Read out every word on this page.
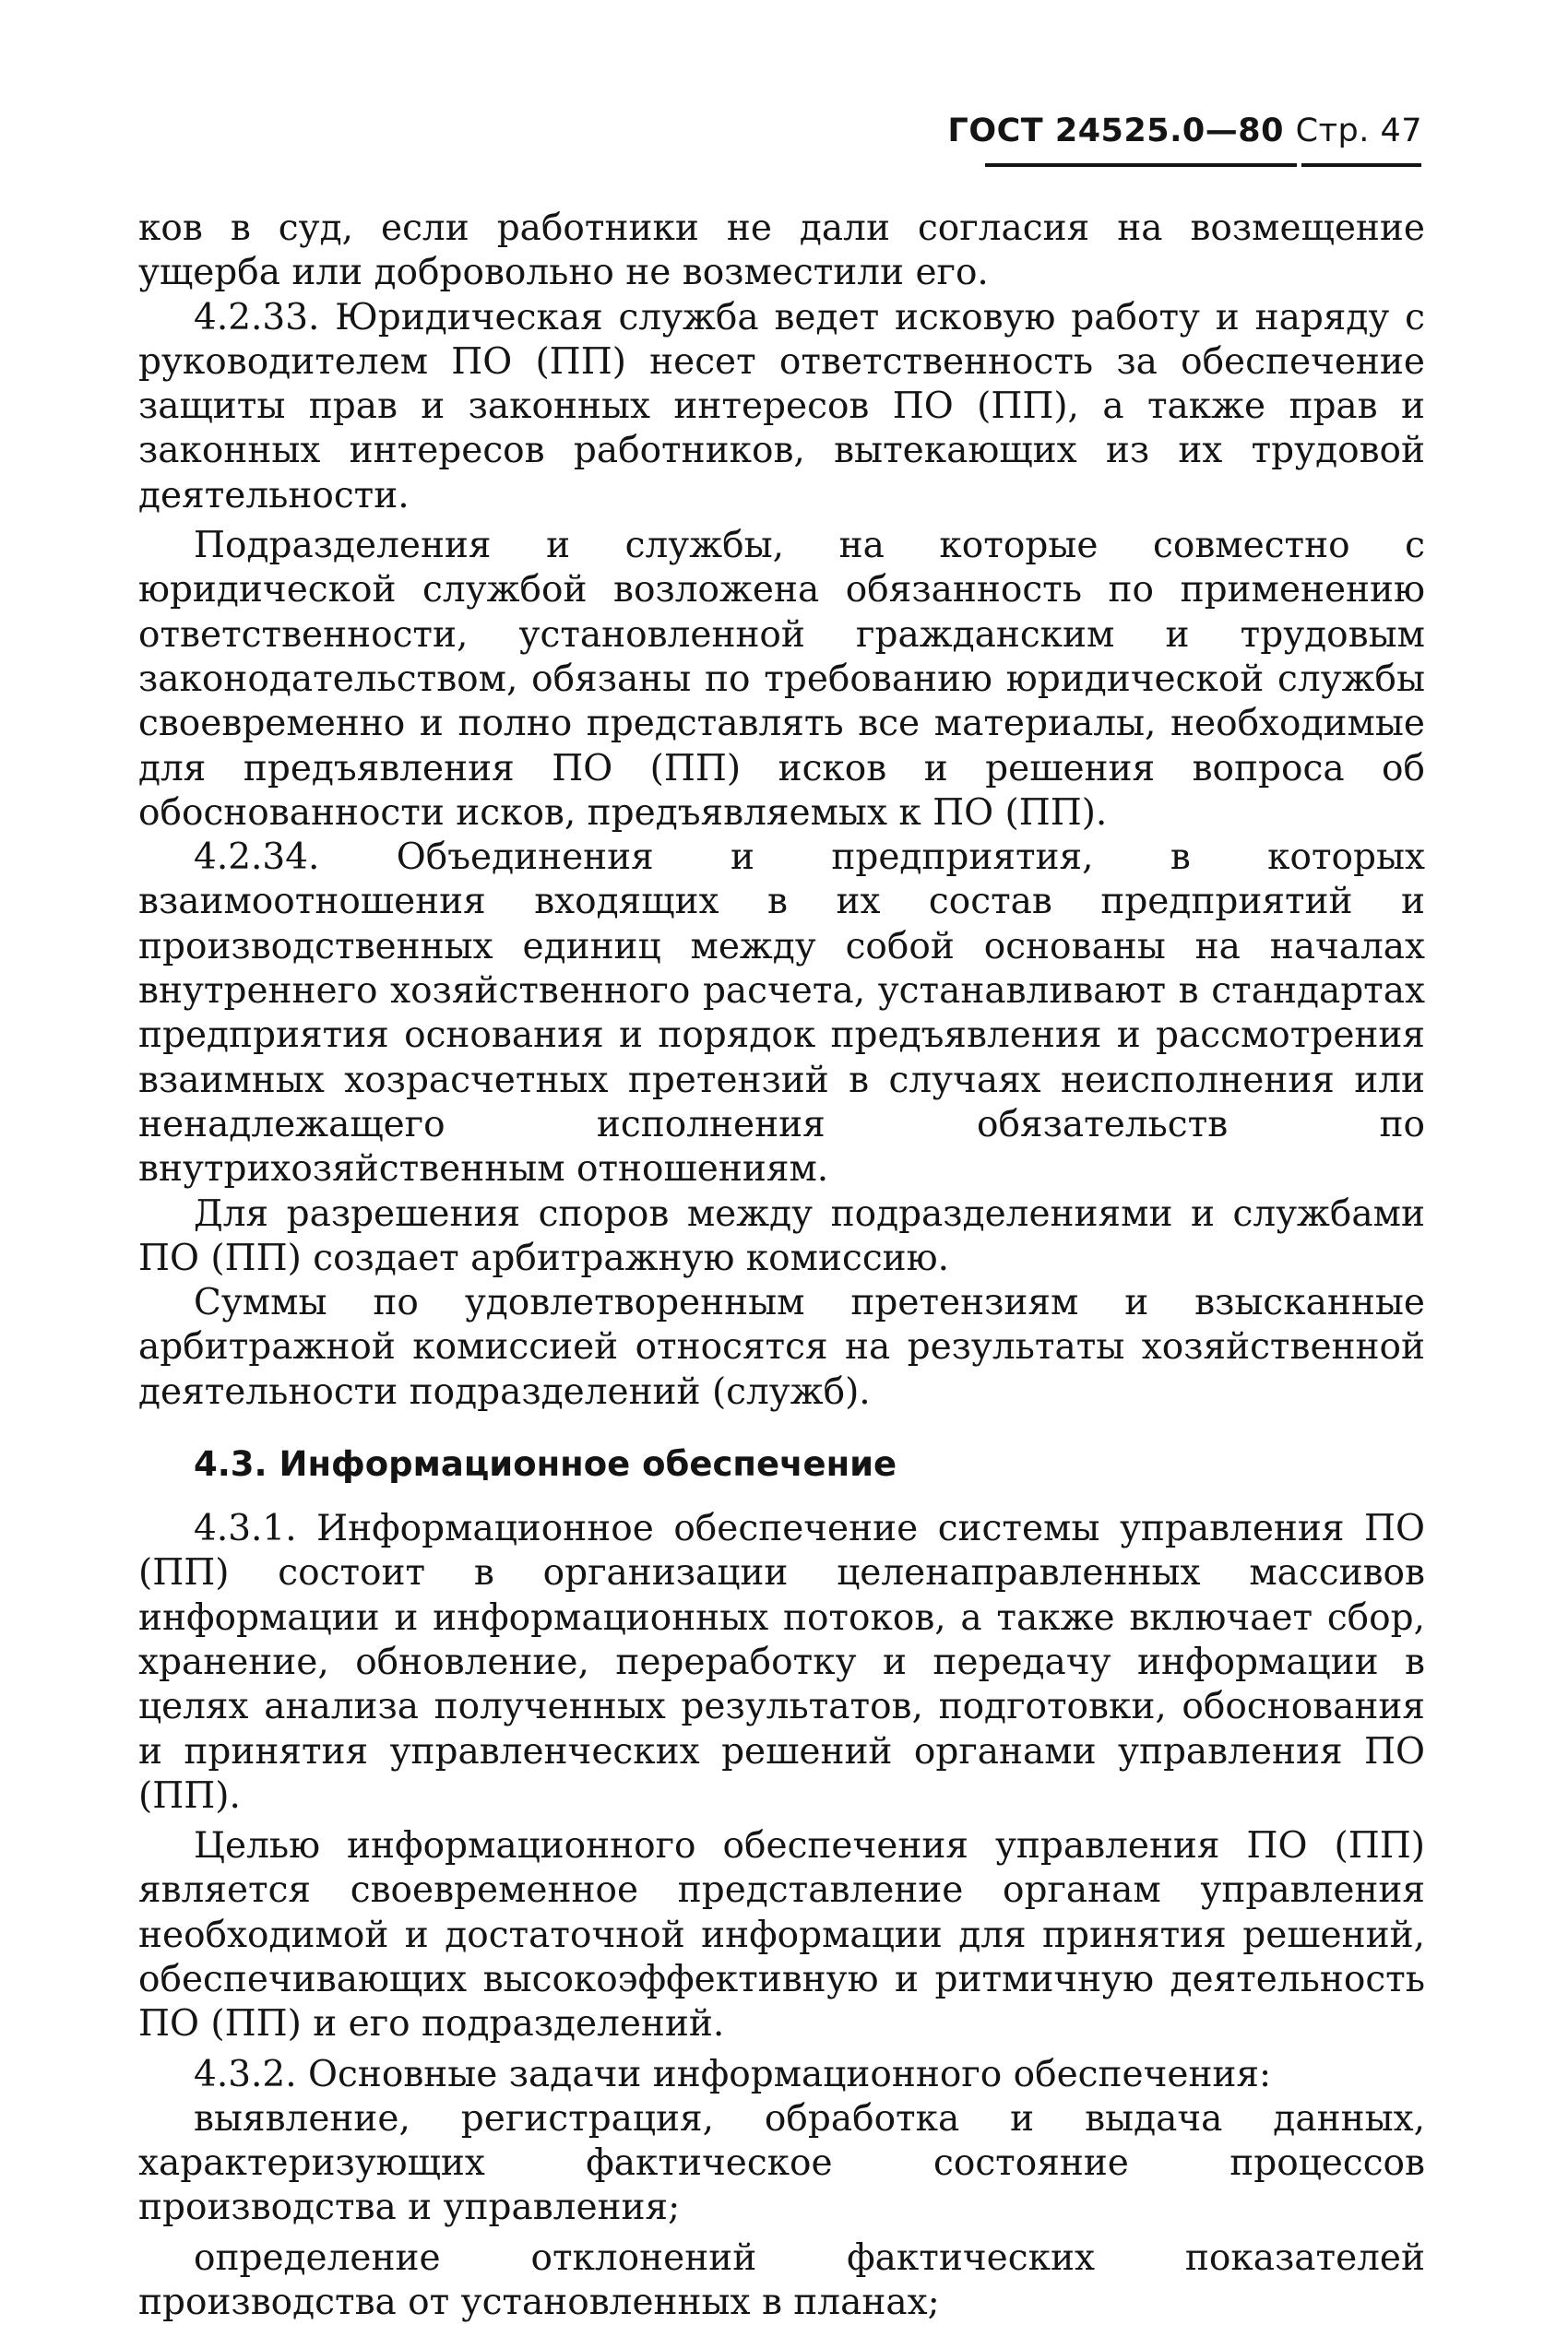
ГОСТ 24525.0—80 Стр. 47

ков в суд, если работники не дали согласия на возмещение ущерба или добровольно не возместили его.

4.2.33. Юридическая служба ведет исковую работу и наряду с руководителем ПО (ПП) несет ответственность за обеспечение защиты прав и законных интересов ПО (ПП), а также прав и законных интересов работников, вытекающих из их трудовой деятельности.

Подразделения и службы, на которые совместно с юридической службой возложена обязанность по применению ответственности, установленной гражданским и трудовым законодательством, обязаны по требованию юридической службы своевременно и полно представлять все материалы, необходимые для предъявления ПО (ПП) исков и решения вопроса об обоснованности исков, предъявляемых к ПО (ПП).

4.2.34. Объединения и предприятия, в которых взаимоотношения входящих в их состав предприятий и производственных единиц между собой основаны на началах внутреннего хозяйственного расчета, устанавливают в стандартах предприятия основания и порядок предъявления и рассмотрения взаимных хозрасчетных претензий в случаях неисполнения или ненадлежащего исполнения обязательств по внутрихозяйственным отношениям.

Для разрешения споров между подразделениями и службами ПО (ПП) создает арбитражную комиссию.

Суммы по удовлетворенным претензиям и взысканные арбитражной комиссией относятся на результаты хозяйственной деятельности подразделений (служб).

4.3. Информационное обеспечение

4.3.1. Информационное обеспечение системы управления ПО (ПП) состоит в организации целенаправленных массивов информации и информационных потоков, а также включает сбор, хранение, обновление, переработку и передачу информации в целях анализа полученных результатов, подготовки, обоснования и принятия управленческих решений органами управления ПО (ПП).

Целью информационного обеспечения управления ПО (ПП) является своевременное представление органам управления необходимой и достаточной информации для принятия решений, обеспечивающих высокоэффективную и ритмичную деятельность ПО (ПП) и его подразделений.

4.3.2. Основные задачи информационного обеспечения:

выявление, регистрация, обработка и выдача данных, характеризующих фактическое состояние процессов производства и управления;

определение отклонений фактических показателей производства от установленных в планах;
